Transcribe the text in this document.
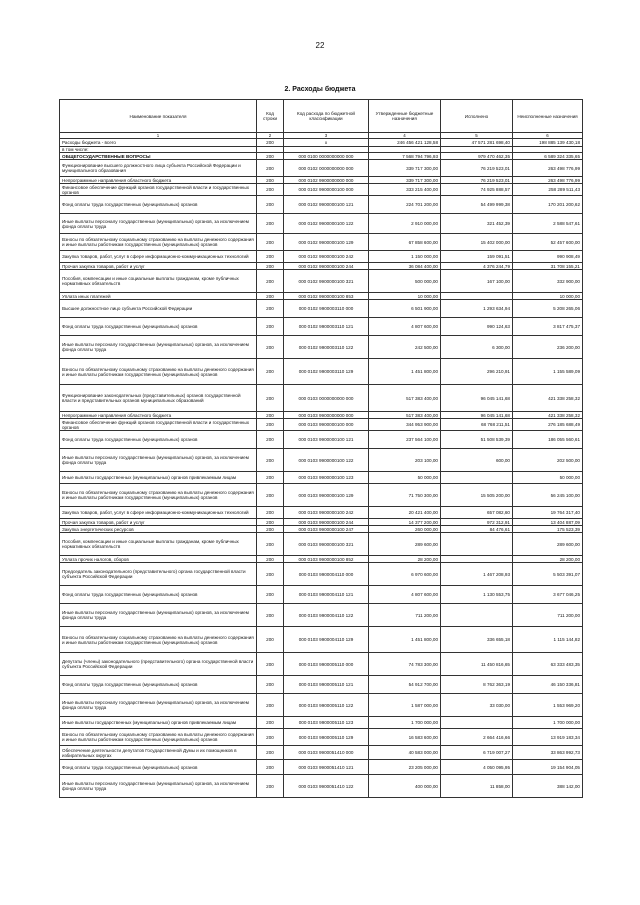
22
2. Расходы бюджета
Наименование показателя	Код строки	Код расхода по бюджетной классификации	Утвержденные бюджетные назначения	Исполнено	Неисполненные назначения
1	2	3	4	5	6
Расходы бюджета - всего	200	x	246 456 421 128,58	47 571 281 698,40	198 885 139 430,18
в том числе:					
ОБЩЕГОСУДАРСТВЕННЫЕ ВОПРОСЫ	200	000 0100 0000000000 000	7 568 794 796,93	979 470 462,35	6 589 324 335,65
Функционирование высшего должностного лица субъекта Российской Федерации и муниципального образования	200	000 0102 0000000000 000	339 717 300,00	76 219 523,01	263 498 776,99
Непрограммные направления областного бюджета	200	000 0102 9900000000 000	339 717 300,00	76 219 523,01	263 498 776,99
Финансовое обеспечение функций органов государственной власти и государственных органов	200	000 0102 9900000100 000	333 215 400,00	74 925 888,57	258 289 511,43
Фонд оплаты труда государственных (муниципальных) органов	200	000 0102 9900000100 121	224 701 200,00	54 499 999,38	170 201 200,62
Иные выплаты персоналу государственных (муниципальных) органов, за исключением фонда оплаты труда	200	000 0102 9900000100 122	2 910 000,00	321 452,39	2 588 547,61
Взносы по обязательному социальному страхованию на выплаты денежного содержания и иные выплаты работникам государственных (муниципальных) органов	200	000 0102 9900000100 129	67 858 600,00	15 402 000,00	52 457 600,00
Закупка товаров, работ, услуг в сфере информационно-коммуникационных технологий	200	000 0102 9900000100 242	1 150 000,00	159 091,51	990 908,49
Прочая закупка товаров, работ и услуг	200	000 0102 9900000100 244	36 084 400,00	4 376 244,79	31 708 155,21
Пособия, компенсации и иные социальные выплаты гражданам, кроме публичных нормативных обязательств	200	000 0102 9900000100 321	500 000,00	167 100,00	332 900,00
Уплата иных платежей	200	000 0102 9900000100 853	10 000,00		10 000,00
Высшее должностное лицо субъекта Российской Федерации	200	000 0102 9900003110 000	6 501 900,00	1 293 634,94	5 208 265,06
Фонд оплаты труда государственных (муниципальных) органов	200	000 0102 9900003110 121	4 807 600,00	990 124,63	3 817 475,37
Иные выплаты персоналу государственных (муниципальных) органов, за исключением фонда оплаты труда	200	000 0102 9900003110 122	242 500,00	6 300,00	236 200,00
Взносы по обязательному социальному страхованию на выплаты денежного содержания и иные выплаты работникам государственных (муниципальных) органов	200	000 0102 9900003110 129	1 451 800,00	296 210,91	1 155 589,09
Функционирование законодательных (представительных) органов государственной власти и представительных органов муниципальных образований	200	000 0103 0000000000 000	517 383 400,00	96 045 141,68	421 338 258,32
Непрограммные направления областного бюджета	200	000 0103 9900000000 000	517 383 400,00	96 045 141,68	421 338 258,32
Финансовое обеспечение функций органов государственной власти и государственных органов	200	000 0103 9900000100 000	344 953 900,00	68 768 211,51	276 185 688,49
Фонд оплаты труда государственных (муниципальных) органов	200	000 0103 9900000100 121	237 564 100,00	51 508 539,39	186 055 560,61
Иные выплаты персоналу государственных (муниципальных) органов, за исключением фонда оплаты труда	200	000 0103 9900000100 122	203 100,00	600,00	202 500,00
Иные выплаты государственных (муниципальных) органов привлекаемым лицам	200	000 0103 9900000100 123	50 000,00		50 000,00
Взносы по обязательному социальному страхованию на выплаты денежного содержания и иные выплаты работникам государственных (муниципальных) органов	200	000 0103 9900000100 129	71 750 300,00	15 505 200,00	56 245 100,00
Закупка товаров, работ, услуг в сфере информационно-коммуникационных технологий	200	000 0103 9900000100 242	20 421 400,00	657 082,60	19 764 317,40
Прочая закупка товаров, работ и услуг	200	000 0103 9900000100 244	14 377 200,00	972 312,91	13 404 887,09
Закупка энергетических ресурсов	200	000 0103 9900000100 247	260 000,00	84 476,61	175 523,39
Пособия, компенсации и иные социальные выплаты гражданам, кроме публичных нормативных обязательств	200	000 0103 9900000100 321	289 600,00		289 600,00
Уплата прочих налогов, сборов	200	000 0103 9900000100 852	28 200,00		28 200,00
Председатель законодательного (представительного) органа государственной власти субъекта Российской Федерации	200	000 0103 9900004110 000	6 970 600,00	1 467 208,93	5 503 391,07
Фонд оплаты труда государственных (муниципальных) органов	200	000 0103 9900004110 121	4 807 600,00	1 130 553,75	3 677 046,25
Иные выплаты персоналу государственных (муниципальных) органов, за исключением фонда оплаты труда	200	000 0103 9900004110 122	711 200,00		711 200,00
Взносы по обязательному социальному страхованию на выплаты денежного содержания и иные выплаты работникам государственных (муниципальных) органов	200	000 0103 9900004110 129	1 451 800,00	336 655,18	1 115 144,82
Депутаты (члены) законодательного (представительного) органа государственной власти субъекта Российской Федерации	200	000 0103 9900005110 000	74 783 300,00	11 450 816,65	63 333 483,35
Фонд оплаты труда государственных (муниципальных) органов	200	000 0103 9900005110 121	54 912 700,00	8 762 363,19	46 150 336,81
Иные выплаты персоналу государственных (муниципальных) органов, за исключением фонда оплаты труда	200	000 0103 9900005110 122	1 587 000,00	33 030,00	1 553 969,20
Иные выплаты государственных (муниципальных) органов привлекаемым лицам	200	000 0103 9900005110 123	1 700 000,00		1 700 000,00
Взносы по обязательному социальному страхованию на выплаты денежного содержания и иные выплаты работникам государственных (муниципальных) органов	200	000 0103 9900005110 129	16 583 600,00	2 664 416,66	13 919 183,34
Обеспечение деятельности депутатов Государственной Думы и их помощников в избирательных округах	200	000 0103 9900051410 000	40 583 000,00	6 719 007,27	33 863 992,73
Фонд оплаты труда государственных (муниципальных) органов	200	000 0103 9900051410 121	23 205 000,00	4 050 095,95	19 154 904,05
Иные выплаты персоналу государственных (муниципальных) органов, за исключением фонда оплаты труда	200	000 0103 9900051410 122	400 000,00	11 858,00	388 142,00
